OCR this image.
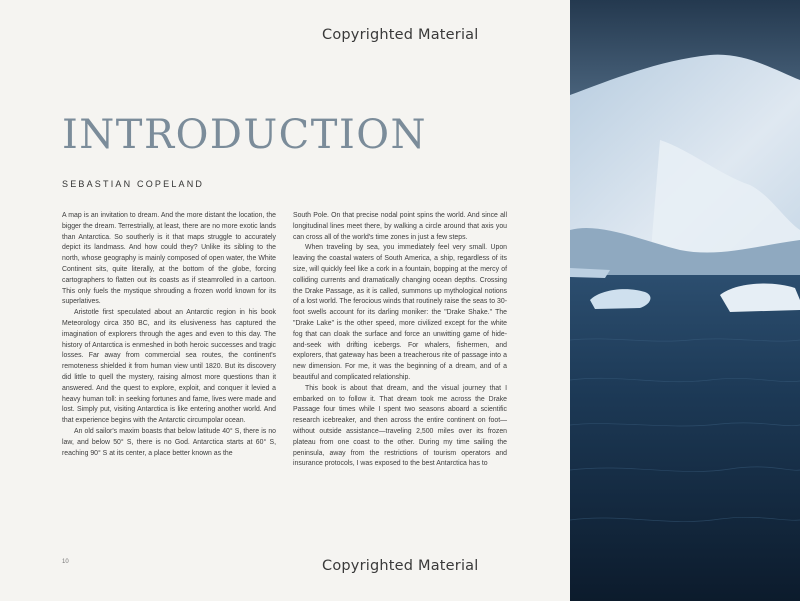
Copyrighted Material
INTRODUCTION
SEBASTIAN COPELAND

A map is an invitation to dream. And the more distant the location, the bigger the dream. Terrestrially, at least, there are no more exotic lands than Antarctica. So southerly is it that maps struggle to accurately depict its landmass. And how could they? Unlike its sibling to the north, whose geography is mainly composed of open water, the White Continent sits, quite literally, at the bottom of the globe, forcing cartographers to flatten out its coasts as if steamrolled in a cartoon. This only fuels the mystique shrouding a frozen world known for its superlatives.

Aristotle first speculated about an Antarctic region in his book Meteorology circa 350 BC, and its elusiveness has captured the imagination of explorers through the ages and even to this day. The history of Antarctica is enmeshed in both heroic successes and tragic losses. Far away from commercial sea routes, the continent's remoteness shielded it from human view until 1820. But its discovery did little to quell the mystery, raising almost more questions than it answered. And the quest to explore, exploit, and conquer it levied a heavy human toll: in seeking fortunes and fame, lives were made and lost. Simply put, visiting Antarctica is like entering another world. And that experience begins with the Antarctic circumpolar ocean.

An old sailor's maxim boasts that below latitude 40° S, there is no law, and below 50° S, there is no God. Antarctica starts at 60° S, reaching 90° S at its center, a place better known as the

South Pole. On that precise nodal point spins the world. And since all longitudinal lines meet there, by walking a circle around that axis you can cross all of the world's time zones in just a few steps.

When traveling by sea, you immediately feel very small. Upon leaving the coastal waters of South America, a ship, regardless of its size, will quickly feel like a cork in a fountain, bopping at the mercy of colliding currents and dramatically changing ocean depths. Crossing the Drake Passage, as it is called, summons up mythological notions of a lost world. The ferocious winds that routinely raise the seas to 30-foot swells account for its darling moniker: the "Drake Shake." The "Drake Lake" is the other speed, more civilized except for the white fog that can cloak the surface and force an unwitting game of hide-and-seek with drifting icebergs. For whalers, fishermen, and explorers, that gateway has been a treacherous rite of passage into a new dimension. For me, it was the beginning of a dream, and of a beautiful and complicated relationship.

This book is about that dream, and the visual journey that I embarked on to follow it. That dream took me across the Drake Passage four times while I spent two seasons aboard a scientific research icebreaker, and then across the entire continent on foot—without outside assistance—traveling 2,500 miles over its frozen plateau from one coast to the other. During my time sailing the peninsula, away from the restrictions of tourism operators and insurance protocols, I was exposed to the best Antarctica has to

10	Copyrighted Material
